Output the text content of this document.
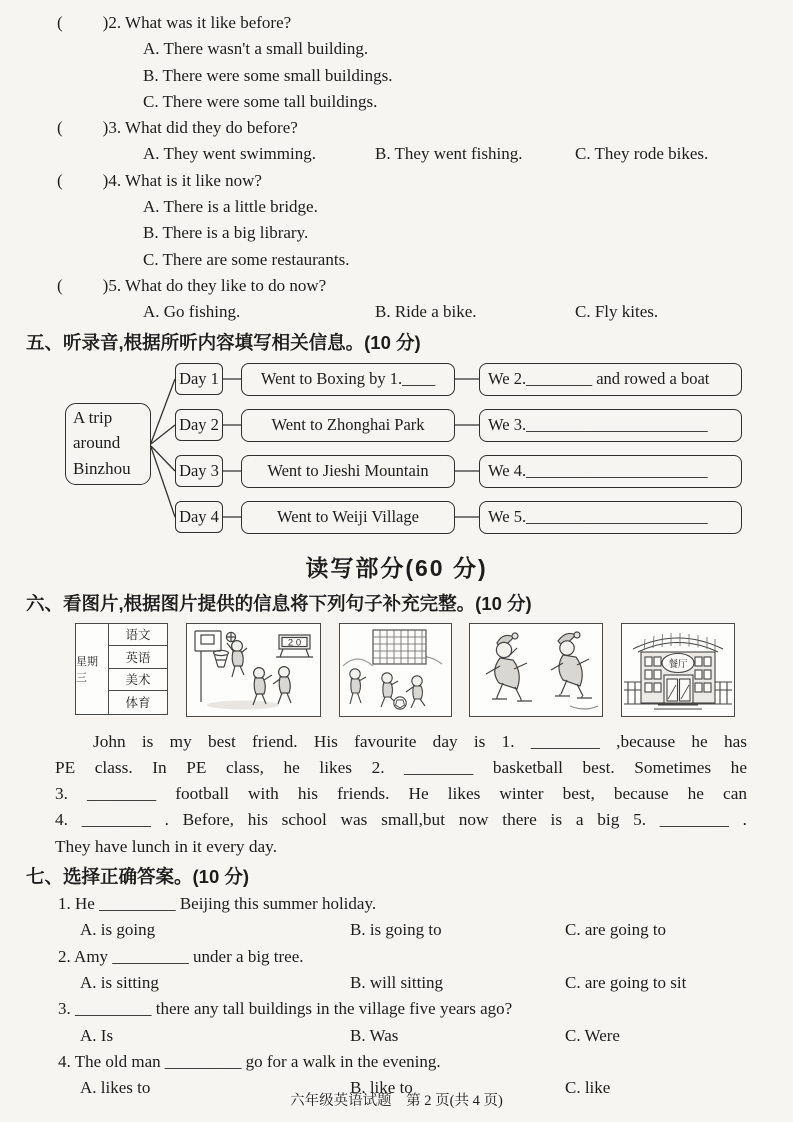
( )2. What was it like before?
A. There wasn't a small building.
B. There were some small buildings.
C. There were some tall buildings.
( )3. What did they do before?
A. They went swimming.	B. They went fishing.	C. They rode bikes.
( )4. What is it like now?
A. There is a little bridge.
B. There is a big library.
C. There are some restaurants.
( )5. What do they like to do now?
A. Go fishing.	B. Ride a bike.	C. Fly kites.
五、听录音,根据所听内容填写相关信息。(10 分)
A trip around Binzhou
Day 1
Day 2
Day 3
Day 4
Went to Boxing by 1.____
Went to Zhonghai Park
Went to Jieshi Mountain
Went to Weiji Village
We 2.________ and rowed a boat
We 3.______________________
We 4.______________________
We 5.______________________
读写部分(60 分)
六、看图片,根据图片提供的信息将下列句子补充完整。(10 分)
星期三
语文
英语
美术
体育
2 0
餐厅
John is my best friend. His favourite day is 1. ________ ,because he has
PE class. In PE class, he likes 2. ________ basketball best. Sometimes he
3. ________ football with his friends. He likes winter best, because he can
4. ________ . Before, his school was small,but now there is a big 5. ________ .
They have lunch in it every day.
七、选择正确答案。(10 分)
1. He _________ Beijing this summer holiday.
A. is going	B. is going to	C. are going to
2. Amy _________ under a big tree.
A. is sitting	B. will sitting	C. are going to sit
3. _________ there any tall buildings in the village five years ago?
A. Is	B. Was	C. Were
4. The old man _________ go for a walk in the evening.
A. likes to	B. like to	C. like
六年级英语试题　第 2 页(共 4 页)
